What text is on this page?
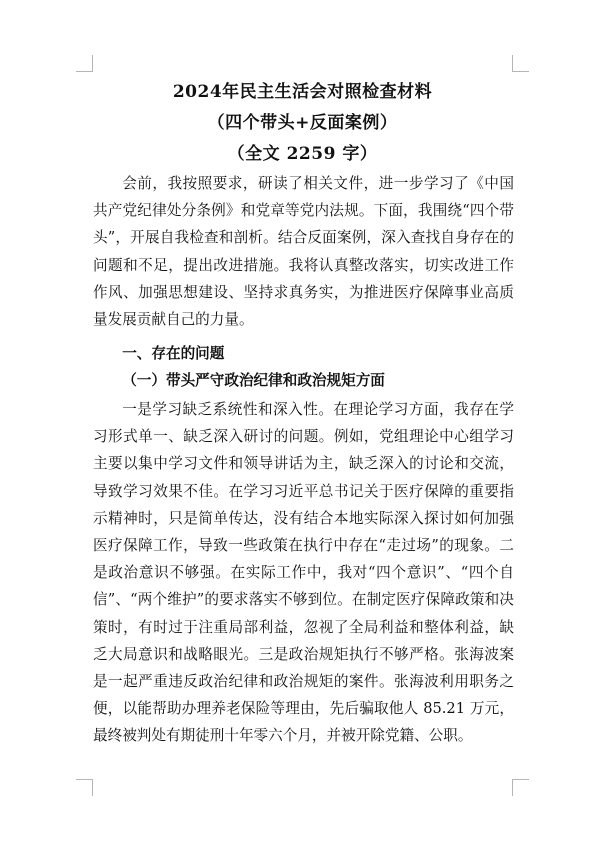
2024年民主生活会对照检查材料
（四个带头+反面案例）
（全文 2259 字）

会前，我按照要求，研读了相关文件，进一步学习了《中国共产党纪律处分条例》和党章等党内法规。下面，我围绕“四个带头”，开展自我检查和剖析。结合反面案例，深入查找自身存在的问题和不足，提出改进措施。我将认真整改落实，切实改进工作作风、加强思想建设、坚持求真务实，为推进医疗保障事业高质量发展贡献自己的力量。

一、存在的问题
（一）带头严守政治纪律和政治规矩方面

一是学习缺乏系统性和深入性。在理论学习方面，我存在学习形式单一、缺乏深入研讨的问题。例如，党组理论中心组学习主要以集中学习文件和领导讲话为主，缺乏深入的讨论和交流，导致学习效果不佳。在学习习近平总书记关于医疗保障的重要指示精神时，只是简单传达，没有结合本地实际深入探讨如何加强医疗保障工作，导致一些政策在执行中存在“走过场”的现象。二是政治意识不够强。在实际工作中，我对“四个意识”、“四个自信”、“两个维护”的要求落实不够到位。在制定医疗保障政策和决策时，有时过于注重局部利益，忽视了全局利益和整体利益，缺乏大局意识和战略眼光。三是政治规矩执行不够严格。张海波案是一起严重违反政治纪律和政治规矩的案件。张海波利用职务之便，以能帮助办理养老保险等理由，先后骗取他人 85.21 万元，最终被判处有期徒刑十年零六个月，并被开除党籍、公职。
